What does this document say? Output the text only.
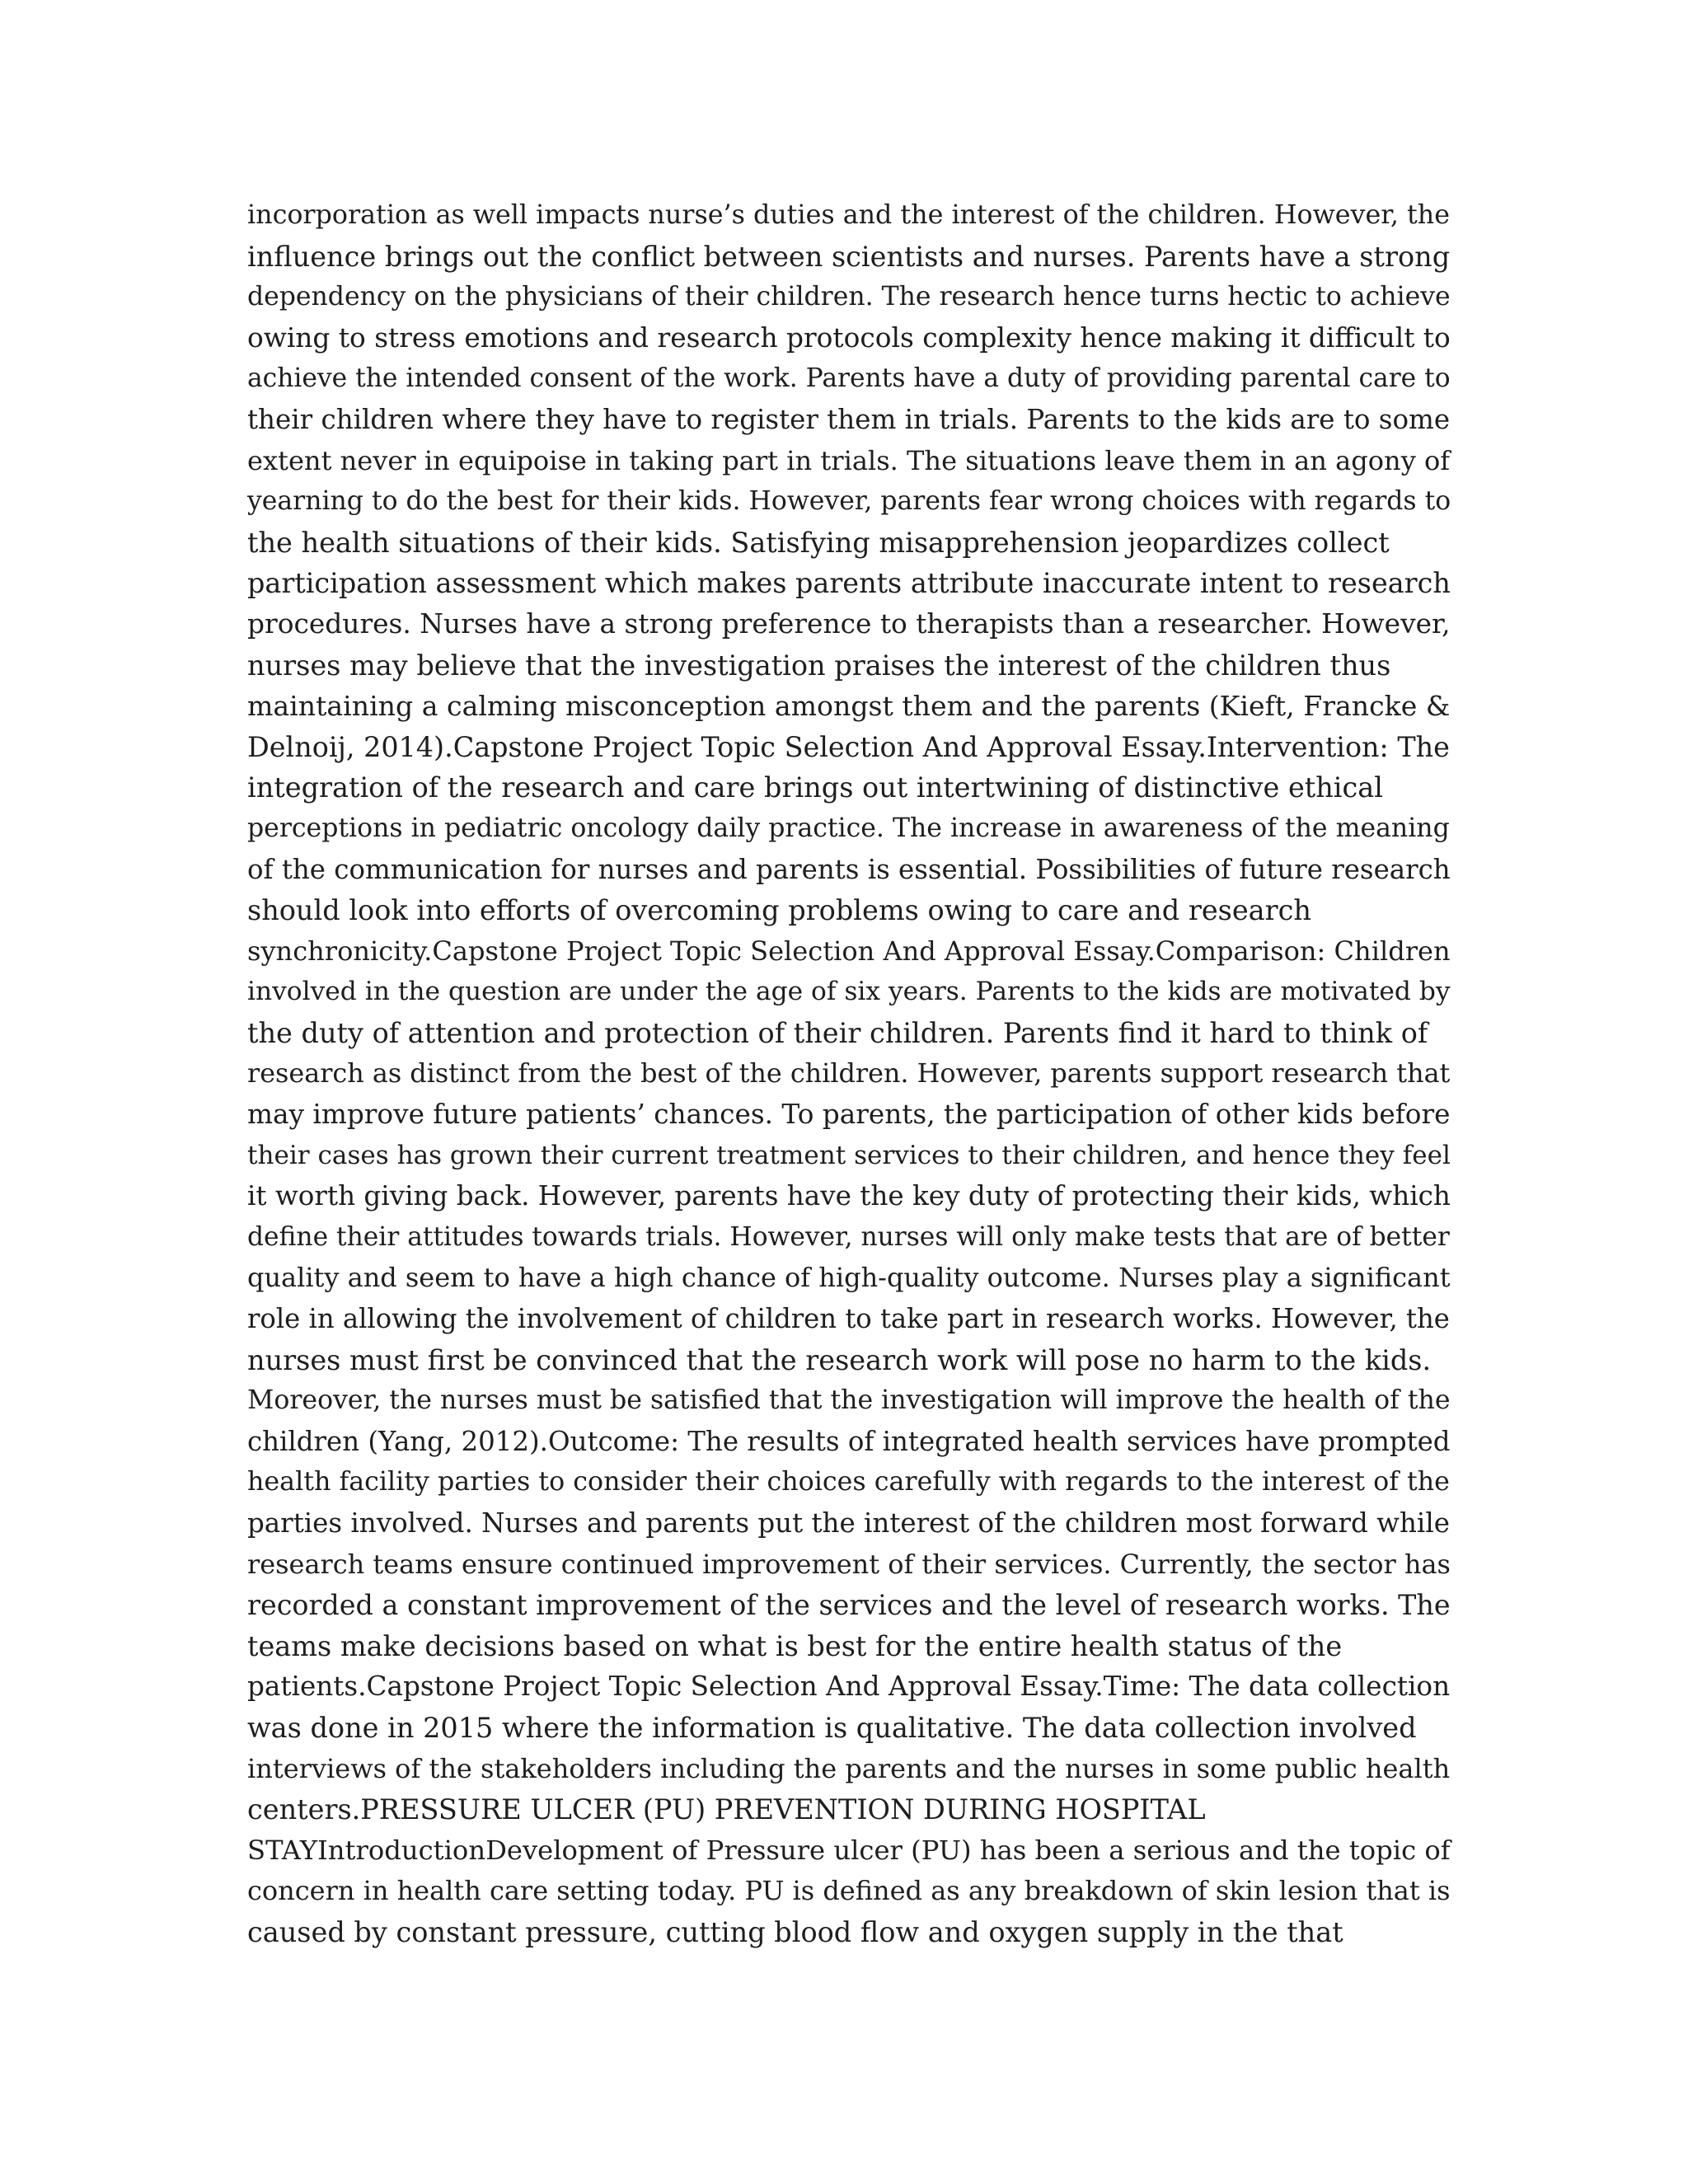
incorporation as well impacts nurse’s duties and the interest of the children. However, the
influence brings out the conflict between scientists and nurses. Parents have a strong
dependency on the physicians of their children. The research hence turns hectic to achieve
owing to stress emotions and research protocols complexity hence making it difficult to
achieve the intended consent of the work. Parents have a duty of providing parental care to
their children where they have to register them in trials. Parents to the kids are to some
extent never in equipoise in taking part in trials. The situations leave them in an agony of
yearning to do the best for their kids. However, parents fear wrong choices with regards to
the health situations of their kids. Satisfying misapprehension jeopardizes collect
participation assessment which makes parents attribute inaccurate intent to research
procedures. Nurses have a strong preference to therapists than a researcher. However,
nurses may believe that the investigation praises the interest of the children thus
maintaining a calming misconception amongst them and the parents (Kieft, Francke &
Delnoij, 2014).Capstone Project Topic Selection And Approval Essay.Intervention: The
integration of the research and care brings out intertwining of distinctive ethical
perceptions in pediatric oncology daily practice. The increase in awareness of the meaning
of the communication for nurses and parents is essential. Possibilities of future research
should look into efforts of overcoming problems owing to care and research
synchronicity.Capstone Project Topic Selection And Approval Essay.Comparison: Children
involved in the question are under the age of six years. Parents to the kids are motivated by
the duty of attention and protection of their children. Parents find it hard to think of
research as distinct from the best of the children. However, parents support research that
may improve future patients’ chances. To parents, the participation of other kids before
their cases has grown their current treatment services to their children, and hence they feel
it worth giving back. However, parents have the key duty of protecting their kids, which
define their attitudes towards trials. However, nurses will only make tests that are of better
quality and seem to have a high chance of high-quality outcome. Nurses play a significant
role in allowing the involvement of children to take part in research works. However, the
nurses must first be convinced that the research work will pose no harm to the kids.
Moreover, the nurses must be satisfied that the investigation will improve the health of the
children (Yang, 2012).Outcome: The results of integrated health services have prompted
health facility parties to consider their choices carefully with regards to the interest of the
parties involved. Nurses and parents put the interest of the children most forward while
research teams ensure continued improvement of their services. Currently, the sector has
recorded a constant improvement of the services and the level of research works. The
teams make decisions based on what is best for the entire health status of the
patients.Capstone Project Topic Selection And Approval Essay.Time: The data collection
was done in 2015 where the information is qualitative. The data collection involved
interviews of the stakeholders including the parents and the nurses in some public health
centers.PRESSURE ULCER (PU) PREVENTION DURING HOSPITAL
STAYIntroductionDevelopment of Pressure ulcer (PU) has been a serious and the topic of
concern in health care setting today. PU is defined as any breakdown of skin lesion that is
caused by constant pressure, cutting blood flow and oxygen supply in the that
